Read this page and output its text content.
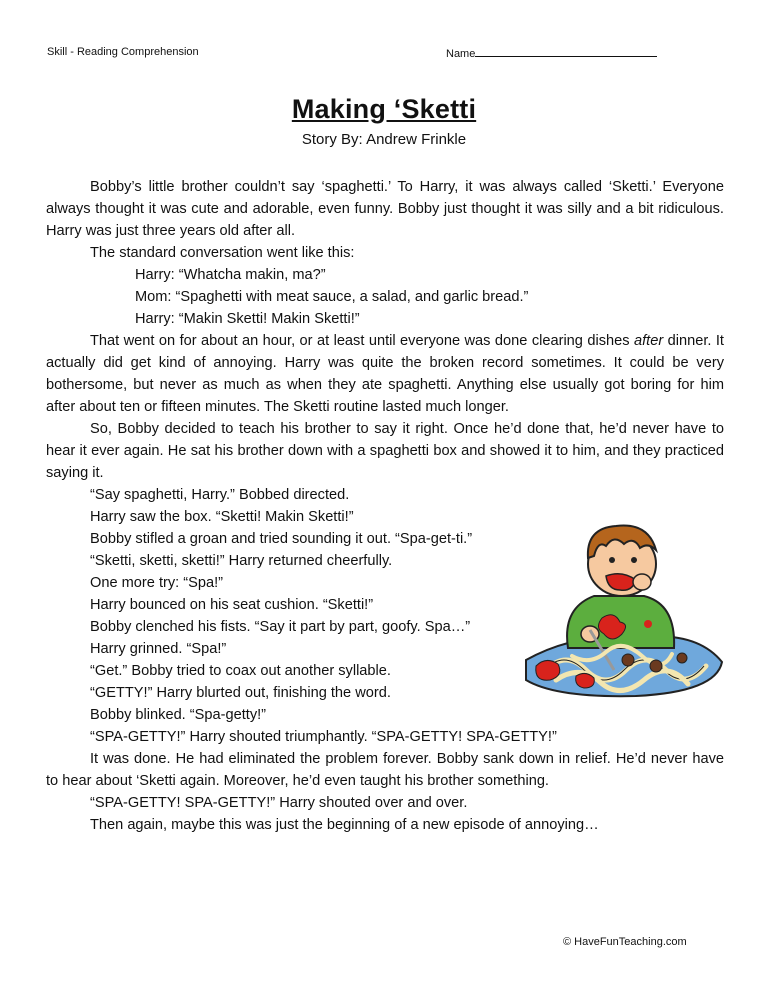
Skill - Reading Comprehension	Name
Making ‘Sketti
Story By: Andrew Frinkle

Bobby’s little brother couldn’t say ‘spaghetti.’ To Harry, it was always called ‘Sketti.’ Everyone always thought it was cute and adorable, even funny. Bobby just thought it was silly and a bit ridiculous. Harry was just three years old after all.

The standard conversation went like this:

Harry: “Whatcha makin, ma?”

Mom: “Spaghetti with meat sauce, a salad, and garlic bread.”

Harry: “Makin Sketti! Makin Sketti!”

That went on for about an hour, or at least until everyone was done clearing dishes after dinner. It actually did get kind of annoying. Harry was quite the broken record sometimes. It could be very bothersome, but never as much as when they ate spaghetti. Anything else usually got boring for him after about ten or fifteen minutes. The Sketti routine lasted much longer.

So, Bobby decided to teach his brother to say it right. Once he’d done that, he’d never have to hear it ever again. He sat his brother down with a spaghetti box and showed it to him, and they practiced saying it.

“Say spaghetti, Harry.” Bobbed directed.

Harry saw the box. “Sketti! Makin Sketti!”

Bobby stifled a groan and tried sounding it out. “Spa-get-ti.”

“Sketti, sketti, sketti!” Harry returned cheerfully.

One more try: “Spa!”

Harry bounced on his seat cushion. “Sketti!”

Bobby clenched his fists. “Say it part by part, goofy. Spa…”

Harry grinned. “Spa!”

“Get.” Bobby tried to coax out another syllable.

“GETTY!” Harry blurted out, finishing the word.

Bobby blinked. “Spa-getty!”

“SPA-GETTY!” Harry shouted triumphantly. “SPA-GETTY! SPA-GETTY!”

It was done. He had eliminated the problem forever. Bobby sank down in relief. He’d never have to hear about ‘Sketti again. Moreover, he’d even taught his brother something.

“SPA-GETTY! SPA-GETTY!” Harry shouted over and over.

Then again, maybe this was just the beginning of a new episode of annoying…

© HaveFunTeaching.com
